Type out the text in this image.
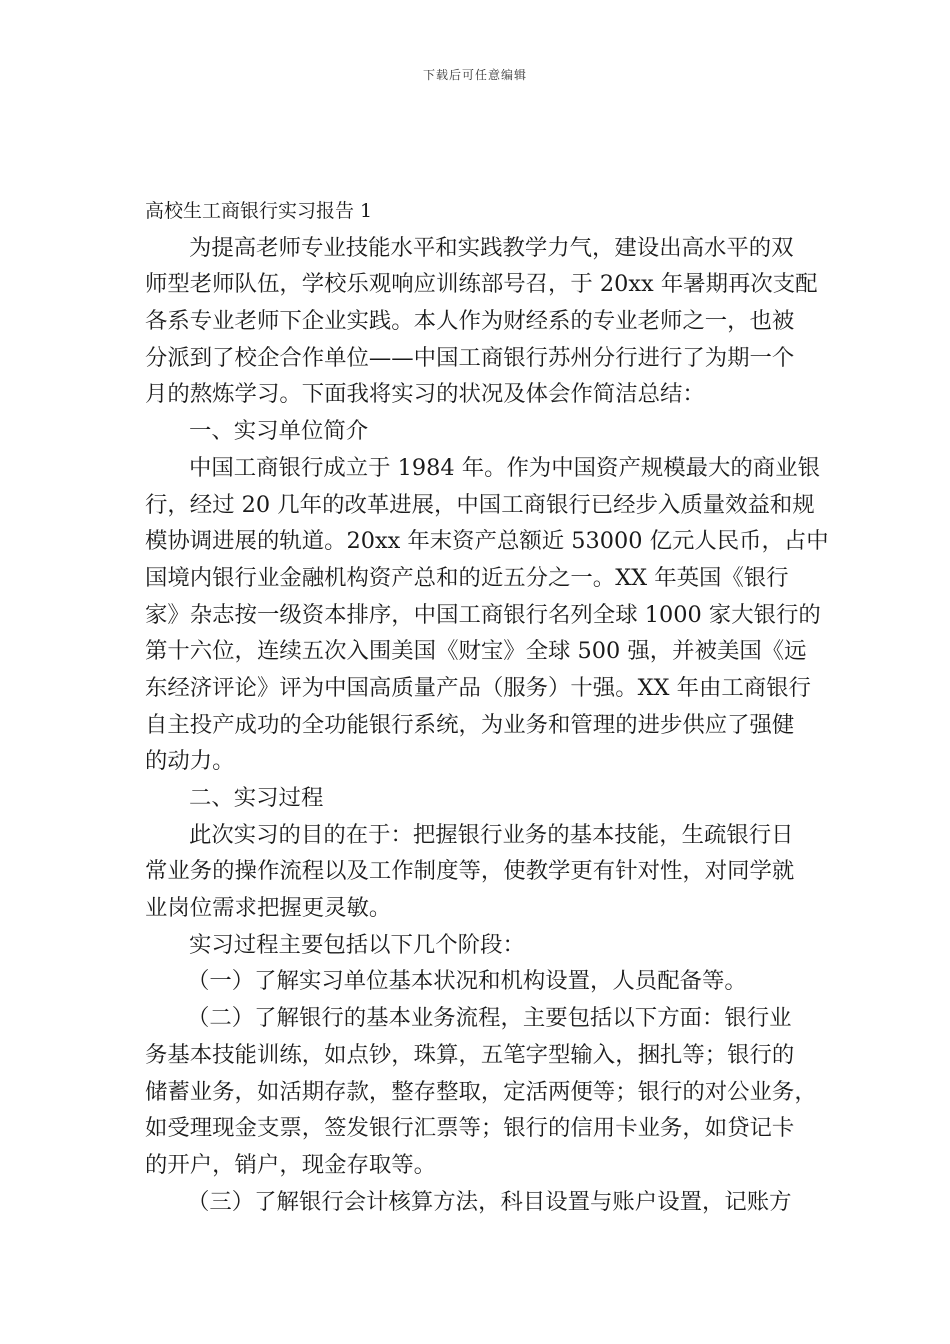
下载后可任意编辑
高校生工商银行实习报告 1
为提高老师专业技能水平和实践教学力气，建设出高水平的双
师型老师队伍，学校乐观响应训练部号召，于 20xx 年暑期再次支配
各系专业老师下企业实践。本人作为财经系的专业老师之一，也被
分派到了校企合作单位——中国工商银行苏州分行进行了为期一个
月的熬炼学习。下面我将实习的状况及体会作简洁总结：
一、实习单位简介
中国工商银行成立于 1984 年。作为中国资产规模最大的商业银
行，经过 20 几年的改革进展，中国工商银行已经步入质量效益和规
模协调进展的轨道。20xx 年末资产总额近 53000 亿元人民币，占中
国境内银行业金融机构资产总和的近五分之一。XX 年英国《银行
家》杂志按一级资本排序，中国工商银行名列全球 1000 家大银行的
第十六位，连续五次入围美国《财宝》全球 500 强，并被美国《远
东经济评论》评为中国高质量产品（服务）十强。XX 年由工商银行
自主投产成功的全功能银行系统，为业务和管理的进步供应了强健
的动力。
二、实习过程
此次实习的目的在于：把握银行业务的基本技能，生疏银行日
常业务的操作流程以及工作制度等，使教学更有针对性，对同学就
业岗位需求把握更灵敏。
实习过程主要包括以下几个阶段：
（一）了解实习单位基本状况和机构设置，人员配备等。
（二）了解银行的基本业务流程，主要包括以下方面：银行业
务基本技能训练，如点钞，珠算，五笔字型输入，捆扎等；银行的
储蓄业务，如活期存款，整存整取，定活两便等；银行的对公业务，
如受理现金支票，签发银行汇票等；银行的信用卡业务，如贷记卡
的开户，销户，现金存取等。
（三）了解银行会计核算方法，科目设置与账户设置，记账方
